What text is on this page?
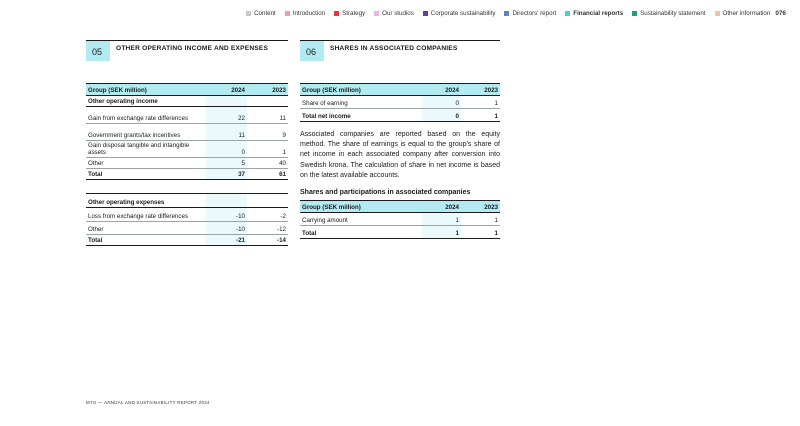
Content	Introduction	Strategy	Our studios	Corporate sustainability	Directors' report	Financial reports	Sustainability statement	Other information 076
05	OTHER OPERATING INCOME AND EXPENSES
Group (SEK million)	2024	2023
Other operating income		
Gain from exchange rate differences	22	11
Government grants/tax incentives	11	9
Gain disposal tangible and intangible assets	0	1
Other	5	40
Total	37	61

Other operating expenses		
Loss from exchange rate differences	-10	-2
Other	-10	-12
Total	-21	-14
06	SHARES IN ASSOCIATED COMPANIES
Group (SEK million)	2024	2023
Share of earning	0	1
Total net income	0	1

Associated companies are reported based on the equity method. The share of earnings is equal to the group's share of net income in each associated company after conversion into Swedish krona. The calculation of share in net income is based on the latest available accounts.

Shares and participations in associated companies
Group (SEK million)	2024	2023
Carrying amount	1	1
Total	1	1
MTG — ANNUAL AND SUSTAINABILITY REPORT 2024
